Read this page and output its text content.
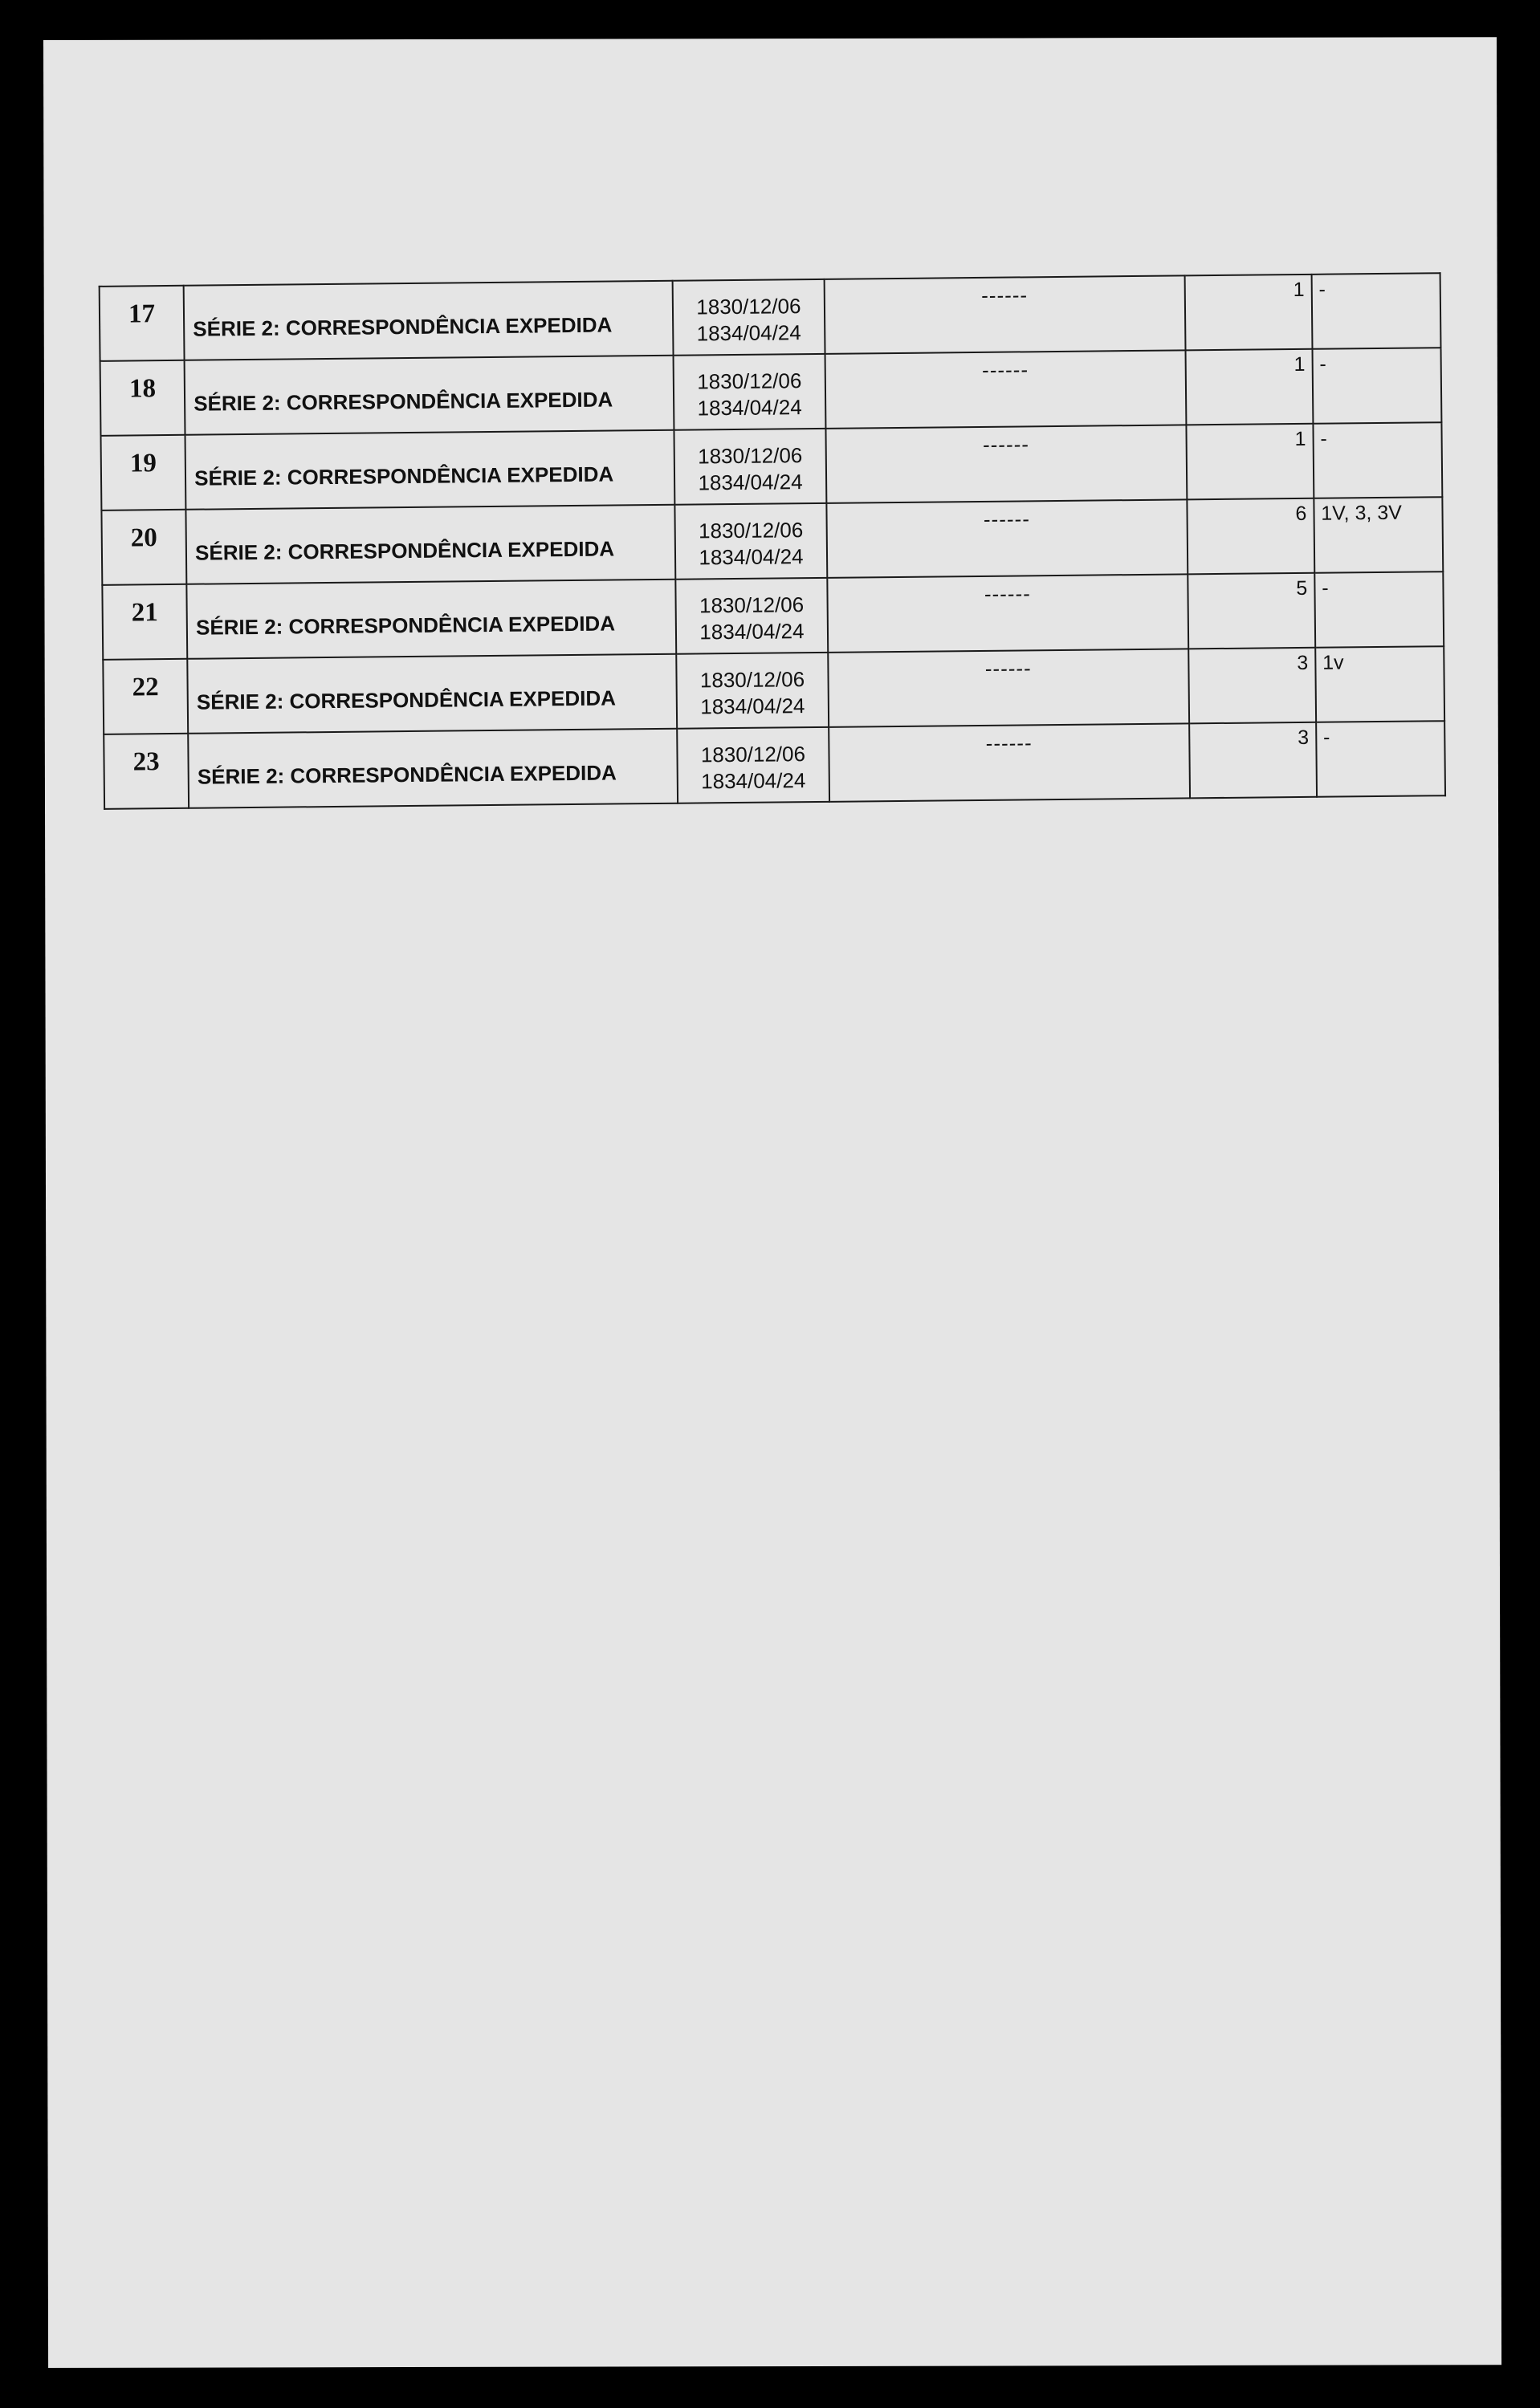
17	SÉRIE 2: CORRESPONDÊNCIA EXPEDIDA	1830/12/06
1834/04/24	------	1	-

18	SÉRIE 2: CORRESPONDÊNCIA EXPEDIDA	1830/12/06
1834/04/24	------	1	-

19	SÉRIE 2: CORRESPONDÊNCIA EXPEDIDA	1830/12/06
1834/04/24	------	1	-

20	SÉRIE 2: CORRESPONDÊNCIA EXPEDIDA	1830/12/06
1834/04/24	------	6	1V, 3, 3V

21	SÉRIE 2: CORRESPONDÊNCIA EXPEDIDA	1830/12/06
1834/04/24	------	5	-

22	SÉRIE 2: CORRESPONDÊNCIA EXPEDIDA	1830/12/06
1834/04/24	------	3	1v

23	SÉRIE 2: CORRESPONDÊNCIA EXPEDIDA	1830/12/06
1834/04/24	------	3	-
